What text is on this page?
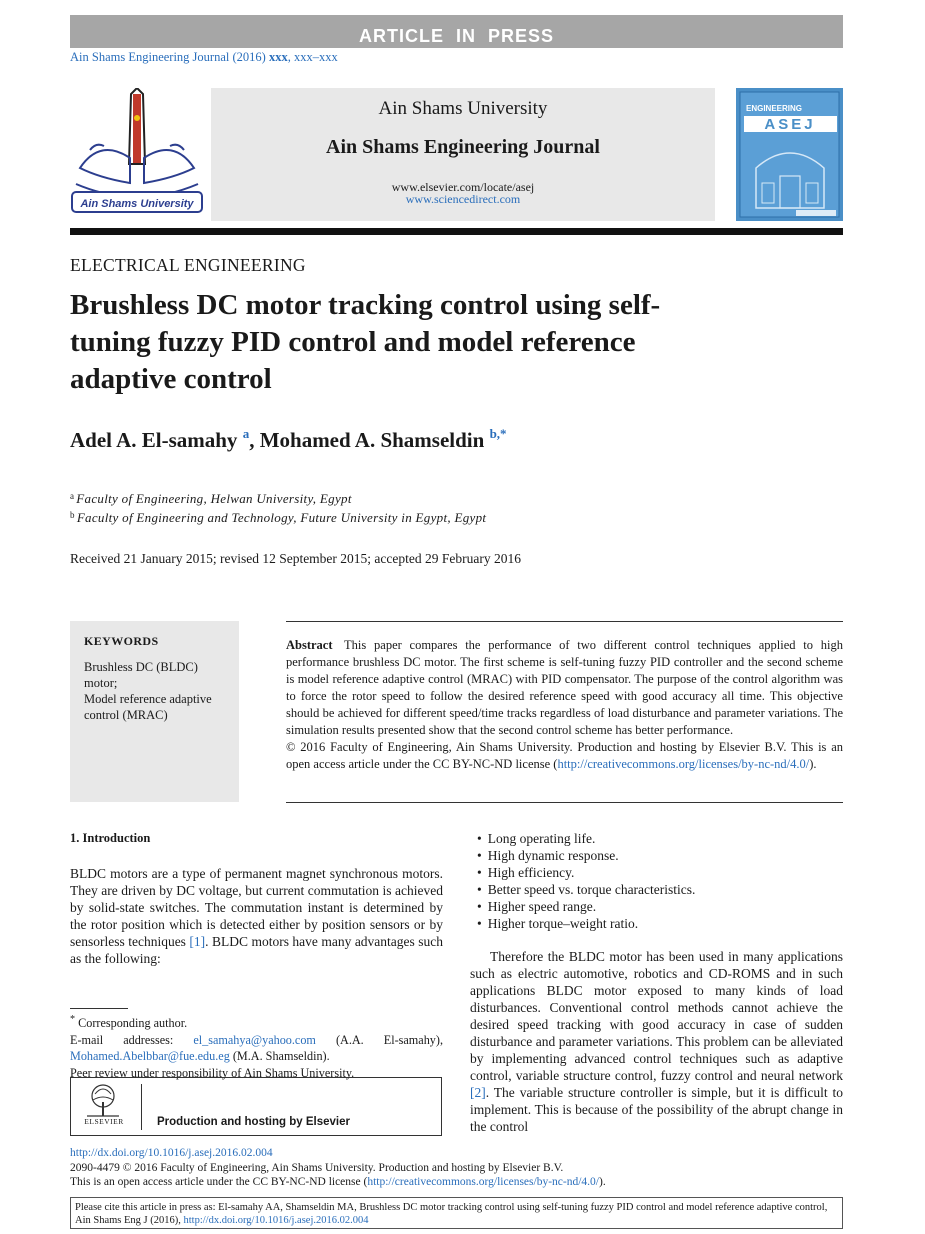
ARTICLE IN PRESS
Ain Shams Engineering Journal (2016) xxx, xxx–xxx
Ain Shams University
Ain Shams University
Ain Shams Engineering Journal
www.elsevier.com/locate/asej
www.sciencedirect.com
ENGINEERING
ASEJ
ELECTRICAL ENGINEERING
Brushless DC motor tracking control using self-tuning fuzzy PID control and model reference adaptive control
Adel A. El-samahy $^a$, Mohamed A. Shamseldin $^{b,*}$
$^a$ Faculty of Engineering, Helwan University, Egypt
$^b$ Faculty of Engineering and Technology, Future University in Egypt, Egypt
Received 21 January 2015; revised 12 September 2015; accepted 29 February 2016
KEYWORDS
Brushless DC (BLDC) motor;
Model reference adaptive control (MRAC)

Abstract This paper compares the performance of two different control techniques applied to high performance brushless DC motor. The first scheme is self-tuning fuzzy PID controller and the second scheme is model reference adaptive control (MRAC) with PID compensator. The purpose of the control algorithm was to force the rotor speed to follow the desired reference speed with good accuracy all time. This objective should be achieved for different speed/time tracks regardless of load disturbance and parameter variations. The simulation results presented show that the second control scheme has better performance.

© 2016 Faculty of Engineering, Ain Shams University. Production and hosting by Elsevier B.V. This is an open access article under the CC BY-NC-ND license (http://creativecommons.org/licenses/by-nc-nd/4.0/).

1. Introduction
BLDC motors are a type of permanent magnet synchronous motors. They are driven by DC voltage, but current commutation is achieved by solid-state switches. The commutation instant is determined by the rotor position which is detected either by position sensors or by sensorless techniques [1]. BLDC motors have many advantages such as the following:
• Long operating life.
• High dynamic response.
• High efficiency.
• Better speed vs. torque characteristics.
• Higher speed range.
• Higher torque–weight ratio.
Therefore the BLDC motor has been used in many applications such as electric automotive, robotics and CD-ROMS and in such applications BLDC motor exposed to many kinds of load disturbances. Conventional control methods cannot achieve the desired speed tracking with good accuracy in case of sudden disturbance and parameter variations. This problem can be alleviated by implementing advanced control techniques such as adaptive control, variable structure control, fuzzy control and neural network [2]. The variable structure controller is simple, but it is difficult to implement. This is because of the possibility of the abrupt change in the control
* Corresponding author.
E-mail addresses: el_samahya@yahoo.com (A.A. El-samahy), Mohamed.Abelbbar@fue.edu.eg (M.A. Shamseldin).
Peer review under responsibility of Ain Shams University.
ELSEVIER	Production and hosting by Elsevier
http://dx.doi.org/10.1016/j.asej.2016.02.004
2090-4479 © 2016 Faculty of Engineering, Ain Shams University. Production and hosting by Elsevier B.V.
This is an open access article under the CC BY-NC-ND license (http://creativecommons.org/licenses/by-nc-nd/4.0/).
Please cite this article in press as: El-samahy AA, Shamseldin MA, Brushless DC motor tracking control using self-tuning fuzzy PID control and model reference adaptive control, Ain Shams Eng J (2016), http://dx.doi.org/10.1016/j.asej.2016.02.004
